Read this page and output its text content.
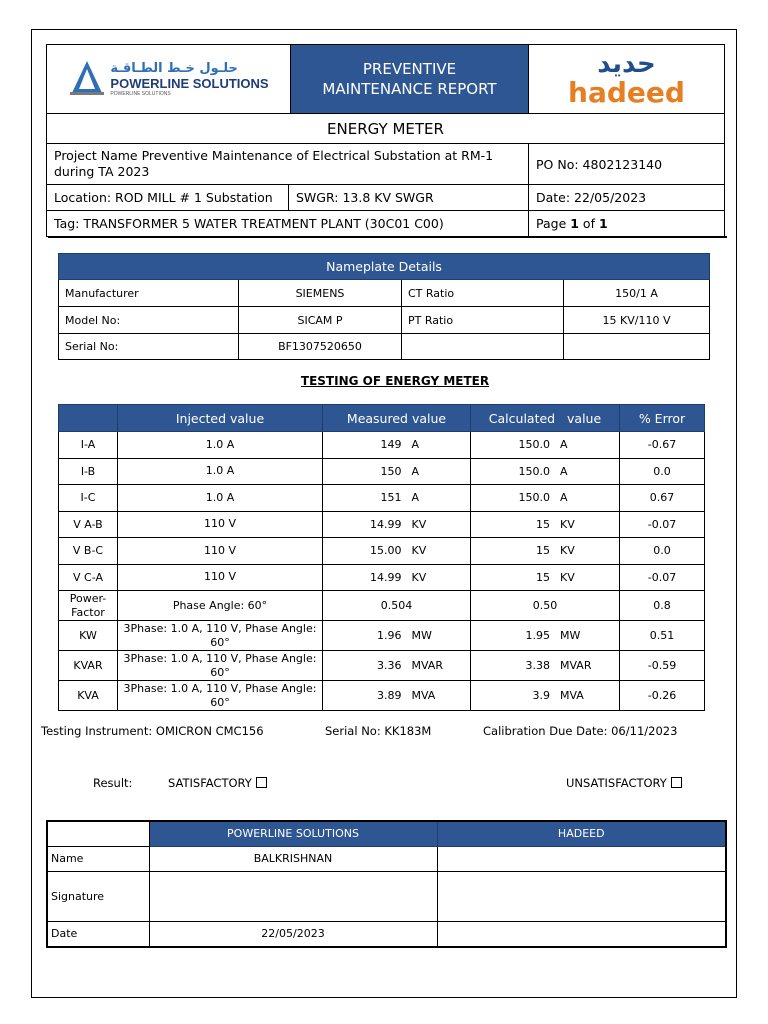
حلـول خـط الطـاقـة
POWERLINE SOLUTIONS
POWERLINE SOLUTIONS
PREVENTIVE
MAINTENANCE REPORT
حديد
hadeed
ENERGY METER
Project Name Preventive Maintenance of Electrical Substation at RM-1 during TA 2023	PO No: 4802123140
Location: ROD MILL # 1 Substation SWGR: 13.8 KV SWGR	Date: 22/05/2023
Tag: TRANSFORMER 5 WATER TREATMENT PLANT (30C01 C00)	Page 1 of 1
Nameplate Details			
Manufacturer	SIEMENS	CT Ratio	150/1 A
Model No:	SICAM P	PT Ratio	15 KV/110 V
Serial No:	BF1307520650		
TESTING OF ENERGY METER
	Injected value	Measured value	Calculated   value	% Error
I-A	1.0 A	149 A	150.0 A	-0.67
I-B	1.0 A	150 A	150.0 A	0.0
I-C	1.0 A	151 A	150.0 A	0.67
V A-B	110 V	14.99 KV	15 KV	-0.07
V B-C	110 V	15.00 KV	15 KV	0.0
V C-A	110 V	14.99 KV	15 KV	-0.07
Power-Factor	Phase Angle: 60°	0.504	0.50	0.8
KW	3Phase: 1.0 A, 110 V, Phase Angle: 60°	1.96 MW	1.95 MW	0.51
KVAR	3Phase: 1.0 A, 110 V, Phase Angle: 60°	3.36 MVAR	3.38 MVAR	-0.59
KVA	3Phase: 1.0 A, 110 V, Phase Angle: 60°	3.89 MVA	3.9 MVA	-0.26
Testing Instrument: OMICRON CMC156	Serial No: KK183M	Calibration Due Date: 06/11/2023
Result:	SATISFACTORY	UNSATISFACTORY
	POWERLINE SOLUTIONS	HADEED
Name	BALKRISHNAN	
Signature		
Date	22/05/2023	
